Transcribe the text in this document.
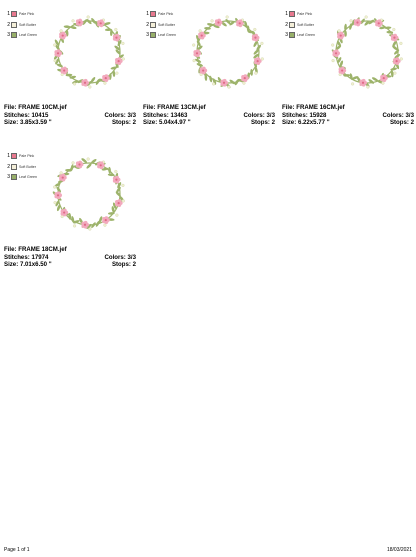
1	Pale Pink
2	Soft Butter
3	Leaf Green
File: FRAME 10CM.jef
Stitches: 10415	Colors: 3/3
Size: 3.85x3.59 "	Stops: 2
1	Pale Pink
2	Soft Butter
3	Leaf Green
File: FRAME 13CM.jef
Stitches: 13463	Colors: 3/3
Size: 5.04x4.97 "	Stops: 2
1	Pale Pink
2	Soft Butter
3	Leaf Green
File: FRAME 16CM.jef
Stitches: 15928	Colors: 3/3
Size: 6.22x5.77 "	Stops: 2
1	Pale Pink
2	Soft Butter
3	Leaf Green
File: FRAME 18CM.jef
Stitches: 17974	Colors: 3/3
Size: 7.01x6.50 "	Stops: 2
Page 1 of 1	18/03/2021
